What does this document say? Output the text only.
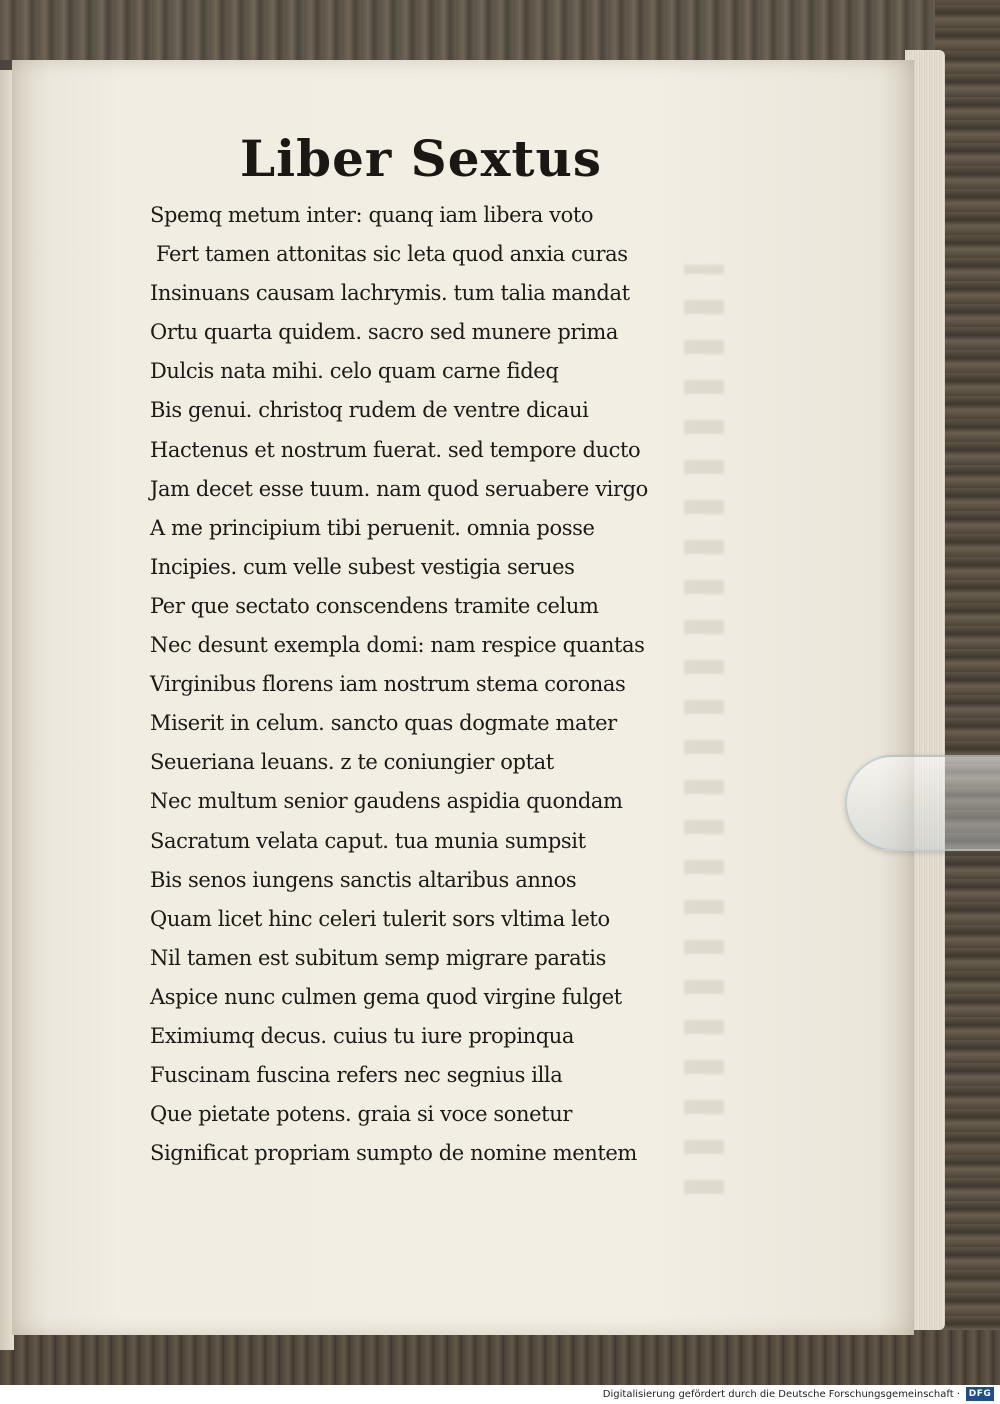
Liber Sextus
Spemq metum inter: quanq iam libera voto
Fert tamen attonitas sic leta quod anxia curas
Insinuans causam lachrymis. tum talia mandat
Ortu quarta quidem. sacro sed munere prima
Dulcis nata mihi. celo quam carne fideq
Bis genui. christoq rudem de ventre dicaui
Hactenus et nostrum fuerat. sed tempore ducto
Jam decet esse tuum. nam quod seruabere virgo
A me principium tibi peruenit. omnia posse
Incipies. cum velle subest vestigia serues
Per que sectato conscendens tramite celum
Nec desunt exempla domi: nam respice quantas
Virginibus florens iam nostrum stema coronas
Miserit in celum. sancto quas dogmate mater
Seueriana leuans. z te coniungier optat
Nec multum senior gaudens aspidia quondam
Sacratum velata caput. tua munia sumpsit
Bis senos iungens sanctis altaribus annos
Quam licet hinc celeri tulerit sors vltima leto
Nil tamen est subitum semp migrare paratis
Aspice nunc culmen gema quod virgine fulget
Eximiumq decus. cuius tu iure propinqua
Fuscinam fuscina refers nec segnius illa
Que pietate potens. graia si voce sonetur
Significat propriam sumpto de nomine mentem
Digitalisierung gefördert durch die Deutsche Forschungsgemeinschaft · DFG
